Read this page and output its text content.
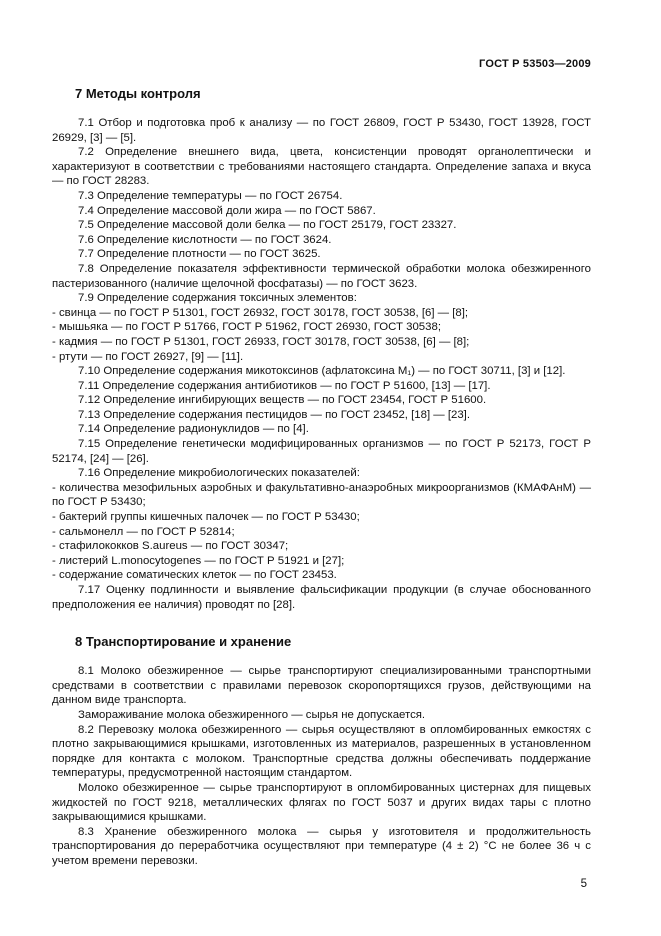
ГОСТ Р 53503—2009
7 Методы контроля

7.1 Отбор и подготовка проб к анализу — по ГОСТ 26809, ГОСТ Р 53430, ГОСТ 13928, ГОСТ 26929, [3] — [5].

7.2 Определение внешнего вида, цвета, консистенции проводят органолептически и характеризуют в соответствии с требованиями настоящего стандарта. Определение запаха и вкуса — по ГОСТ 28283.

7.3 Определение температуры — по ГОСТ 26754.

7.4 Определение массовой доли жира — по ГОСТ 5867.

7.5 Определение массовой доли белка — по ГОСТ 25179, ГОСТ 23327.

7.6 Определение кислотности — по ГОСТ 3624.

7.7 Определение плотности — по ГОСТ 3625.

7.8 Определение показателя эффективности термической обработки молока обезжиренного пастеризованного (наличие щелочной фосфатазы) — по ГОСТ 3623.

7.9 Определение содержания токсичных элементов:

- свинца — по ГОСТ Р 51301, ГОСТ 26932, ГОСТ 30178, ГОСТ 30538, [6] — [8];

- мышьяка — по ГОСТ Р 51766, ГОСТ Р 51962, ГОСТ 26930, ГОСТ 30538;

- кадмия — по ГОСТ Р 51301, ГОСТ 26933, ГОСТ 30178, ГОСТ 30538, [6] — [8];

- ртути — по ГОСТ 26927, [9] — [11].

7.10 Определение содержания микотоксинов (афлатоксина M₁) — по ГОСТ 30711, [3] и [12].

7.11 Определение содержания антибиотиков — по ГОСТ Р 51600, [13] — [17].

7.12 Определение ингибирующих веществ — по ГОСТ 23454, ГОСТ Р 51600.

7.13 Определение содержания пестицидов — по ГОСТ 23452, [18] — [23].

7.14 Определение радионуклидов — по [4].

7.15 Определение генетически модифицированных организмов — по ГОСТ Р 52173, ГОСТ Р 52174, [24] — [26].

7.16 Определение микробиологических показателей:

- количества мезофильных аэробных и факультативно-анаэробных микроорганизмов (КМАФАнМ) — по ГОСТ Р 53430;

- бактерий группы кишечных палочек — по ГОСТ Р 53430;

- сальмонелл — по ГОСТ Р 52814;

- стафилококков S.aureus — по ГОСТ 30347;

- листерий L.monocytogenes — по ГОСТ Р 51921 и [27];

- содержание соматических клеток — по ГОСТ 23453.

7.17 Оценку подлинности и выявление фальсификации продукции (в случае обоснованного предположения ее наличия) проводят по [28].

8 Транспортирование и хранение

8.1 Молоко обезжиренное — сырье транспортируют специализированными транспортными средствами в соответствии с правилами перевозок скоропортящихся грузов, действующими на данном виде транспорта.

Замораживание молока обезжиренного — сырья не допускается.

8.2 Перевозку молока обезжиренного — сырья осуществляют в опломбированных емкостях с плотно закрывающимися крышками, изготовленных из материалов, разрешенных в установленном порядке для контакта с молоком. Транспортные средства должны обеспечивать поддержание температуры, предусмотренной настоящим стандартом.

Молоко обезжиренное — сырье транспортируют в опломбированных цистернах для пищевых жидкостей по ГОСТ 9218, металлических флягах по ГОСТ 5037 и других видах тары с плотно закрывающимися крышками.

8.3 Хранение обезжиренного молока — сырья у изготовителя и продолжительность транспортирования до переработчика осуществляют при температуре (4 ± 2) °С не более 36 ч с учетом времени перевозки.

5
